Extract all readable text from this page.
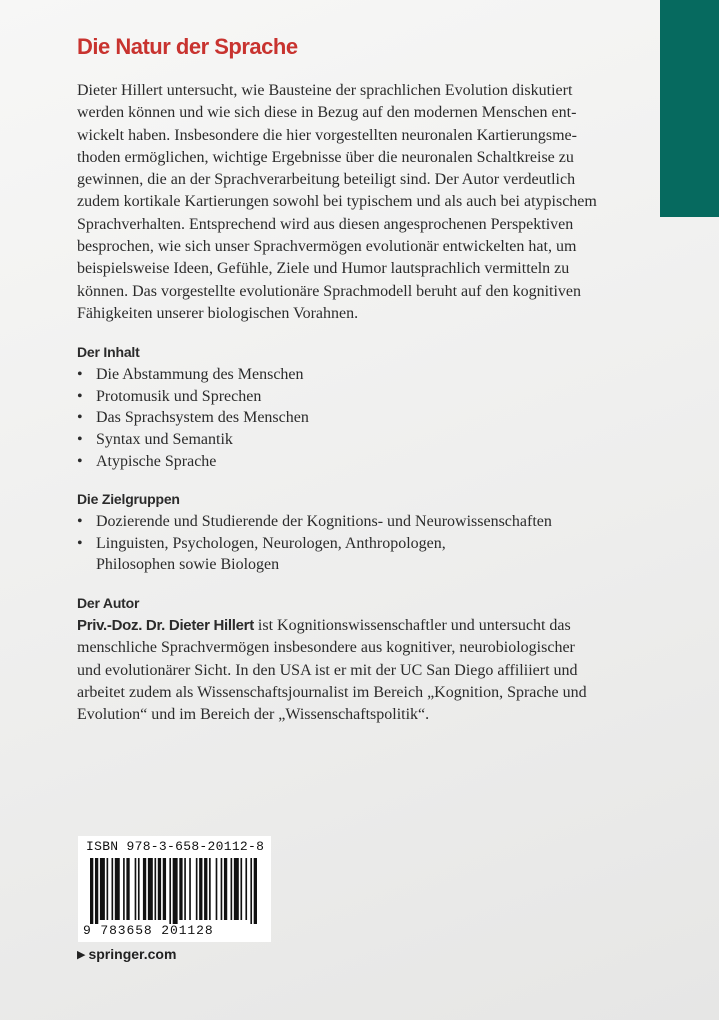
Die Natur der Sprache

Dieter Hillert untersucht, wie Bausteine der sprachlichen Evolution diskutiert
werden können und wie sich diese in Bezug auf den modernen Menschen ent-
wickelt haben. Insbesondere die hier vorgestellten neuronalen Kartierungsme-
thoden ermöglichen, wichtige Ergebnisse über die neuronalen Schaltkreise zu
gewinnen, die an der Sprachverarbeitung beteiligt sind. Der Autor verdeutlich
zudem kortikale Kartierungen sowohl bei typischem und als auch bei atypischem
Sprachverhalten. Entsprechend wird aus diesen angesprochenen Perspektiven
besprochen, wie sich unser Sprachvermögen evolutionär entwickelten hat, um
beispielsweise Ideen, Gefühle, Ziele und Humor lautsprachlich vermitteln zu
können. Das vorgestellte evolutionäre Sprachmodell beruht auf den kognitiven
Fähigkeiten unserer biologischen Vorahnen.

Der Inhalt
• Die Abstammung des Menschen
• Protomusik und Sprechen
• Das Sprachsystem des Menschen
• Syntax und Semantik
• Atypische Sprache
Die Zielgruppen
• Dozierende und Studierende der Kognitions- und Neurowissenschaften
• Linguisten, Psychologen, Neurologen, Anthropologen,
Philosophen sowie Biologen
Der Autor

Priv.-Doz. Dr. Dieter Hillert ist Kognitionswissenschaftler und untersucht das
menschliche Sprachvermögen insbesondere aus kognitiver, neurobiologischer
und evolutionärer Sicht. In den USA ist er mit der UC San Diego affiliiert und
arbeitet zudem als Wissenschaftsjournalist im Bereich „Kognition, Sprache und
Evolution“ und im Bereich der „Wissenschaftspolitik“.

ISBN 978-3-658-20112-8
9 783658 201128
▶ springer.com
